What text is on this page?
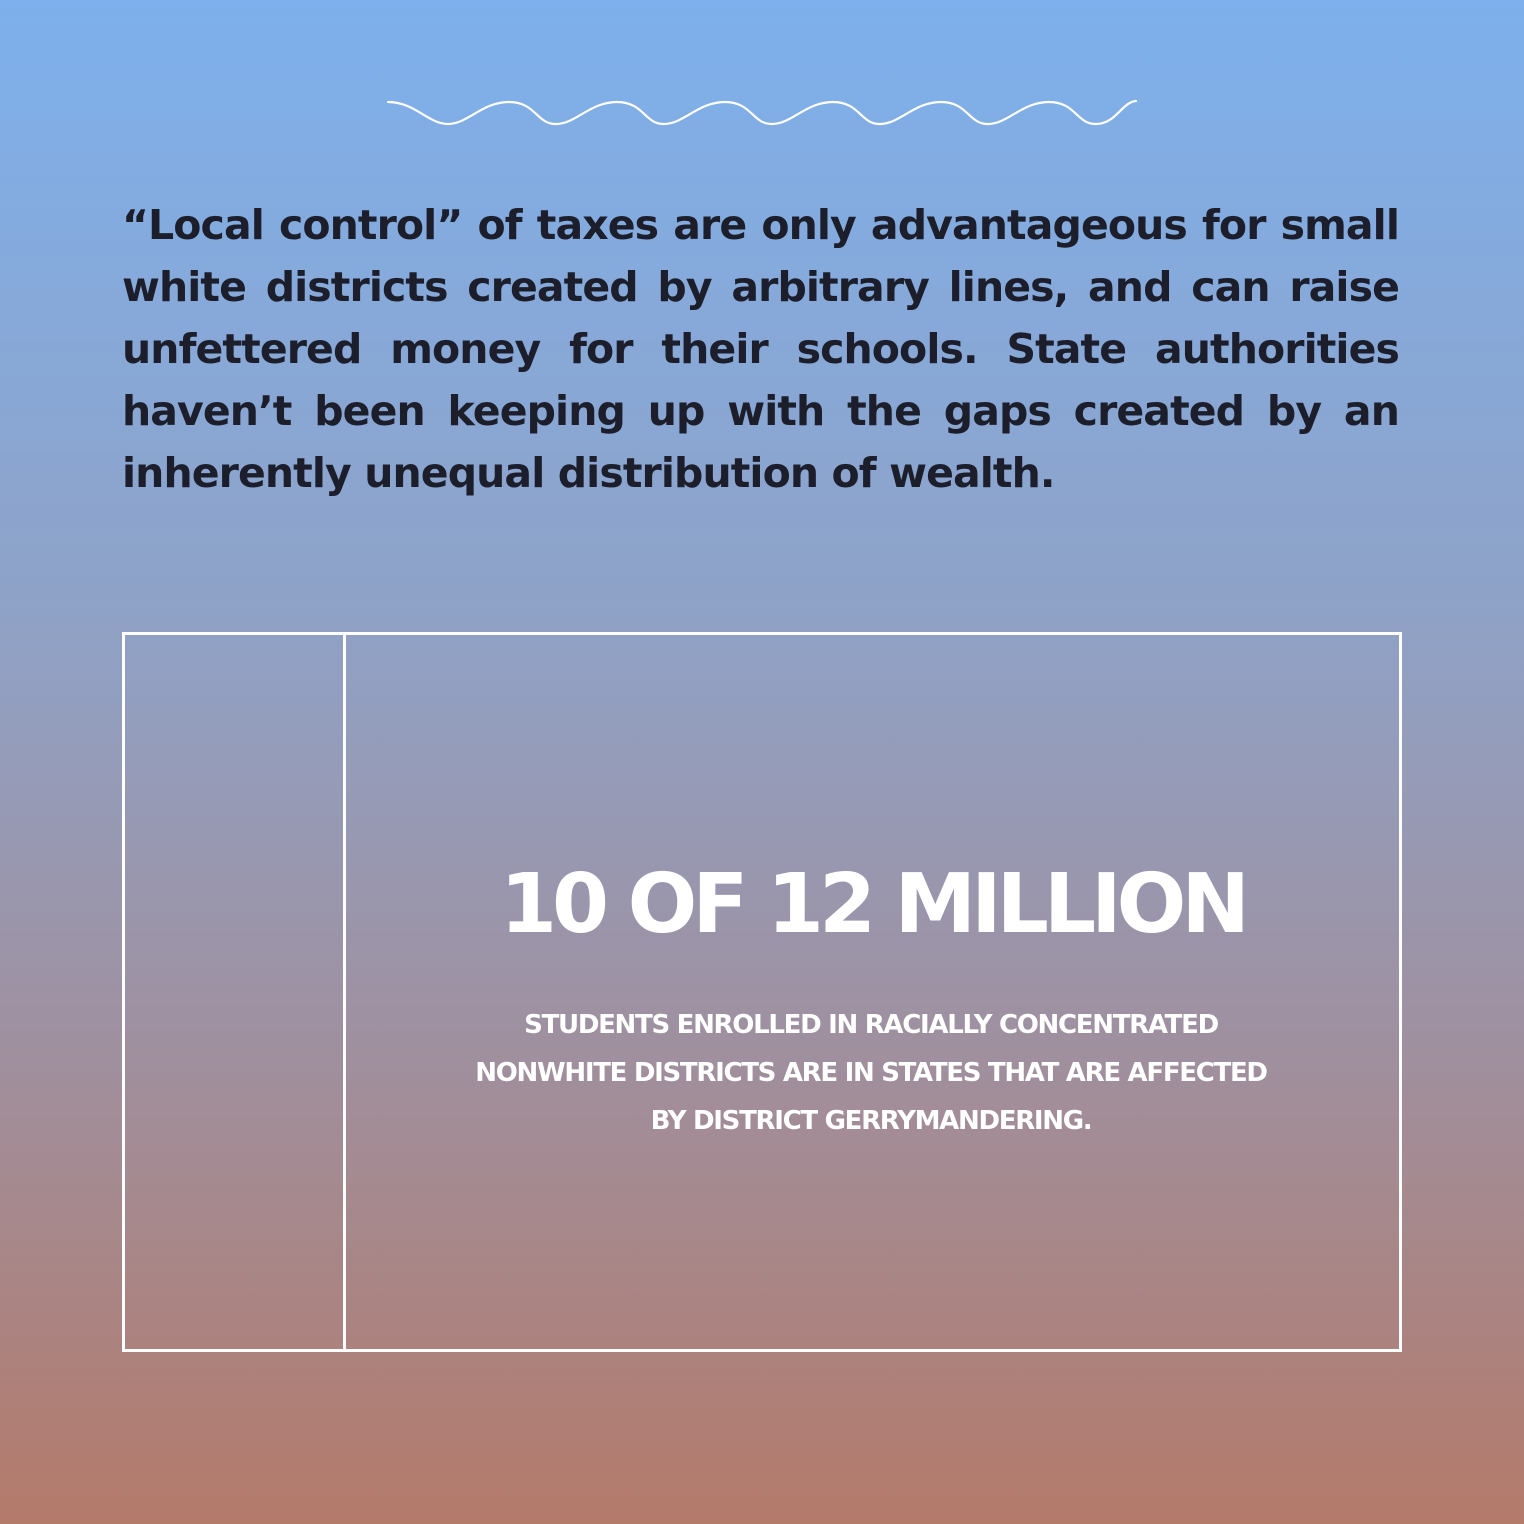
“Local control” of taxes are only advantageous for small white districts created by arbitrary lines, and can raise unfettered money for their schools. State authorities haven’t been keeping up with the gaps created by an inherently unequal distribution of wealth.

10 OF 12 MILLION

STUDENTS ENROLLED IN RACIALLY CONCENTRATED NONWHITE DISTRICTS ARE IN STATES THAT ARE AFFECTED BY DISTRICT GERRYMANDERING.
